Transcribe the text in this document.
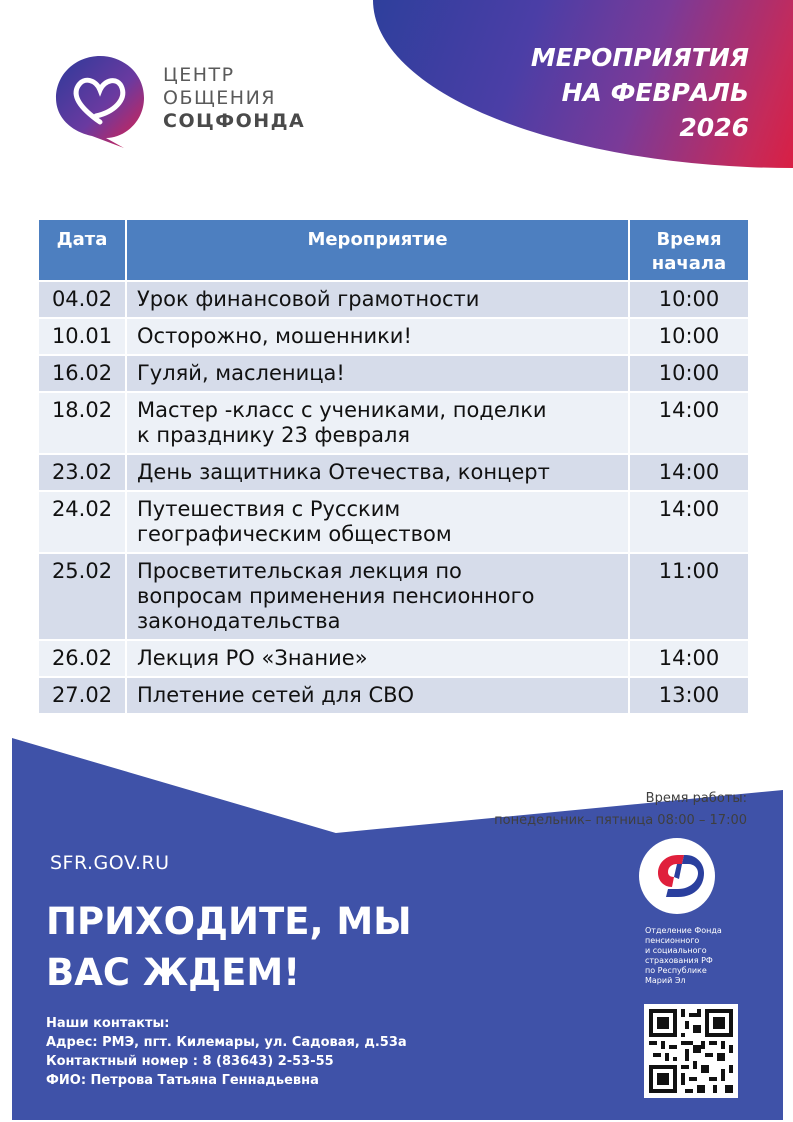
МЕРОПРИЯТИЯ
НА ФЕВРАЛЬ
2026
ЦЕНТР
ОБЩЕНИЯ
СОЦФОНДА
Дата	Мероприятие	Время
начала
04.02	Урок финансовой грамотности	10:00
10.01	Осторожно, мошенники!	10:00
16.02	Гуляй, масленица!	10:00
18.02	Мастер -класс с учениками, поделки
к празднику 23 февраля	14:00
23.02	День защитника Отечества, концерт	14:00
24.02	Путешествия с Русским
географическим обществом	14:00
25.02	Просветительская лекция по
вопросам применения пенсионного
законодательства	11:00
26.02	Лекция РО «Знание»	14:00
27.02	Плетение сетей для СВО	13:00
Время работы:
понедельник– пятница 08:00 – 17:00
SFR.GOV.RU
ПРИХОДИТЕ, МЫ
ВАС ЖДЕМ!
Наши контакты:
Адрес: РМЭ, пгт. Килемары, ул. Садовая, д.53а
Контактный номер : 8 (83643) 2-53-55
ФИО: Петрова Татьяна Геннадьевна
Отделение Фонда
пенсионного
и социального
страхования РФ
по Республике
Марий Эл
